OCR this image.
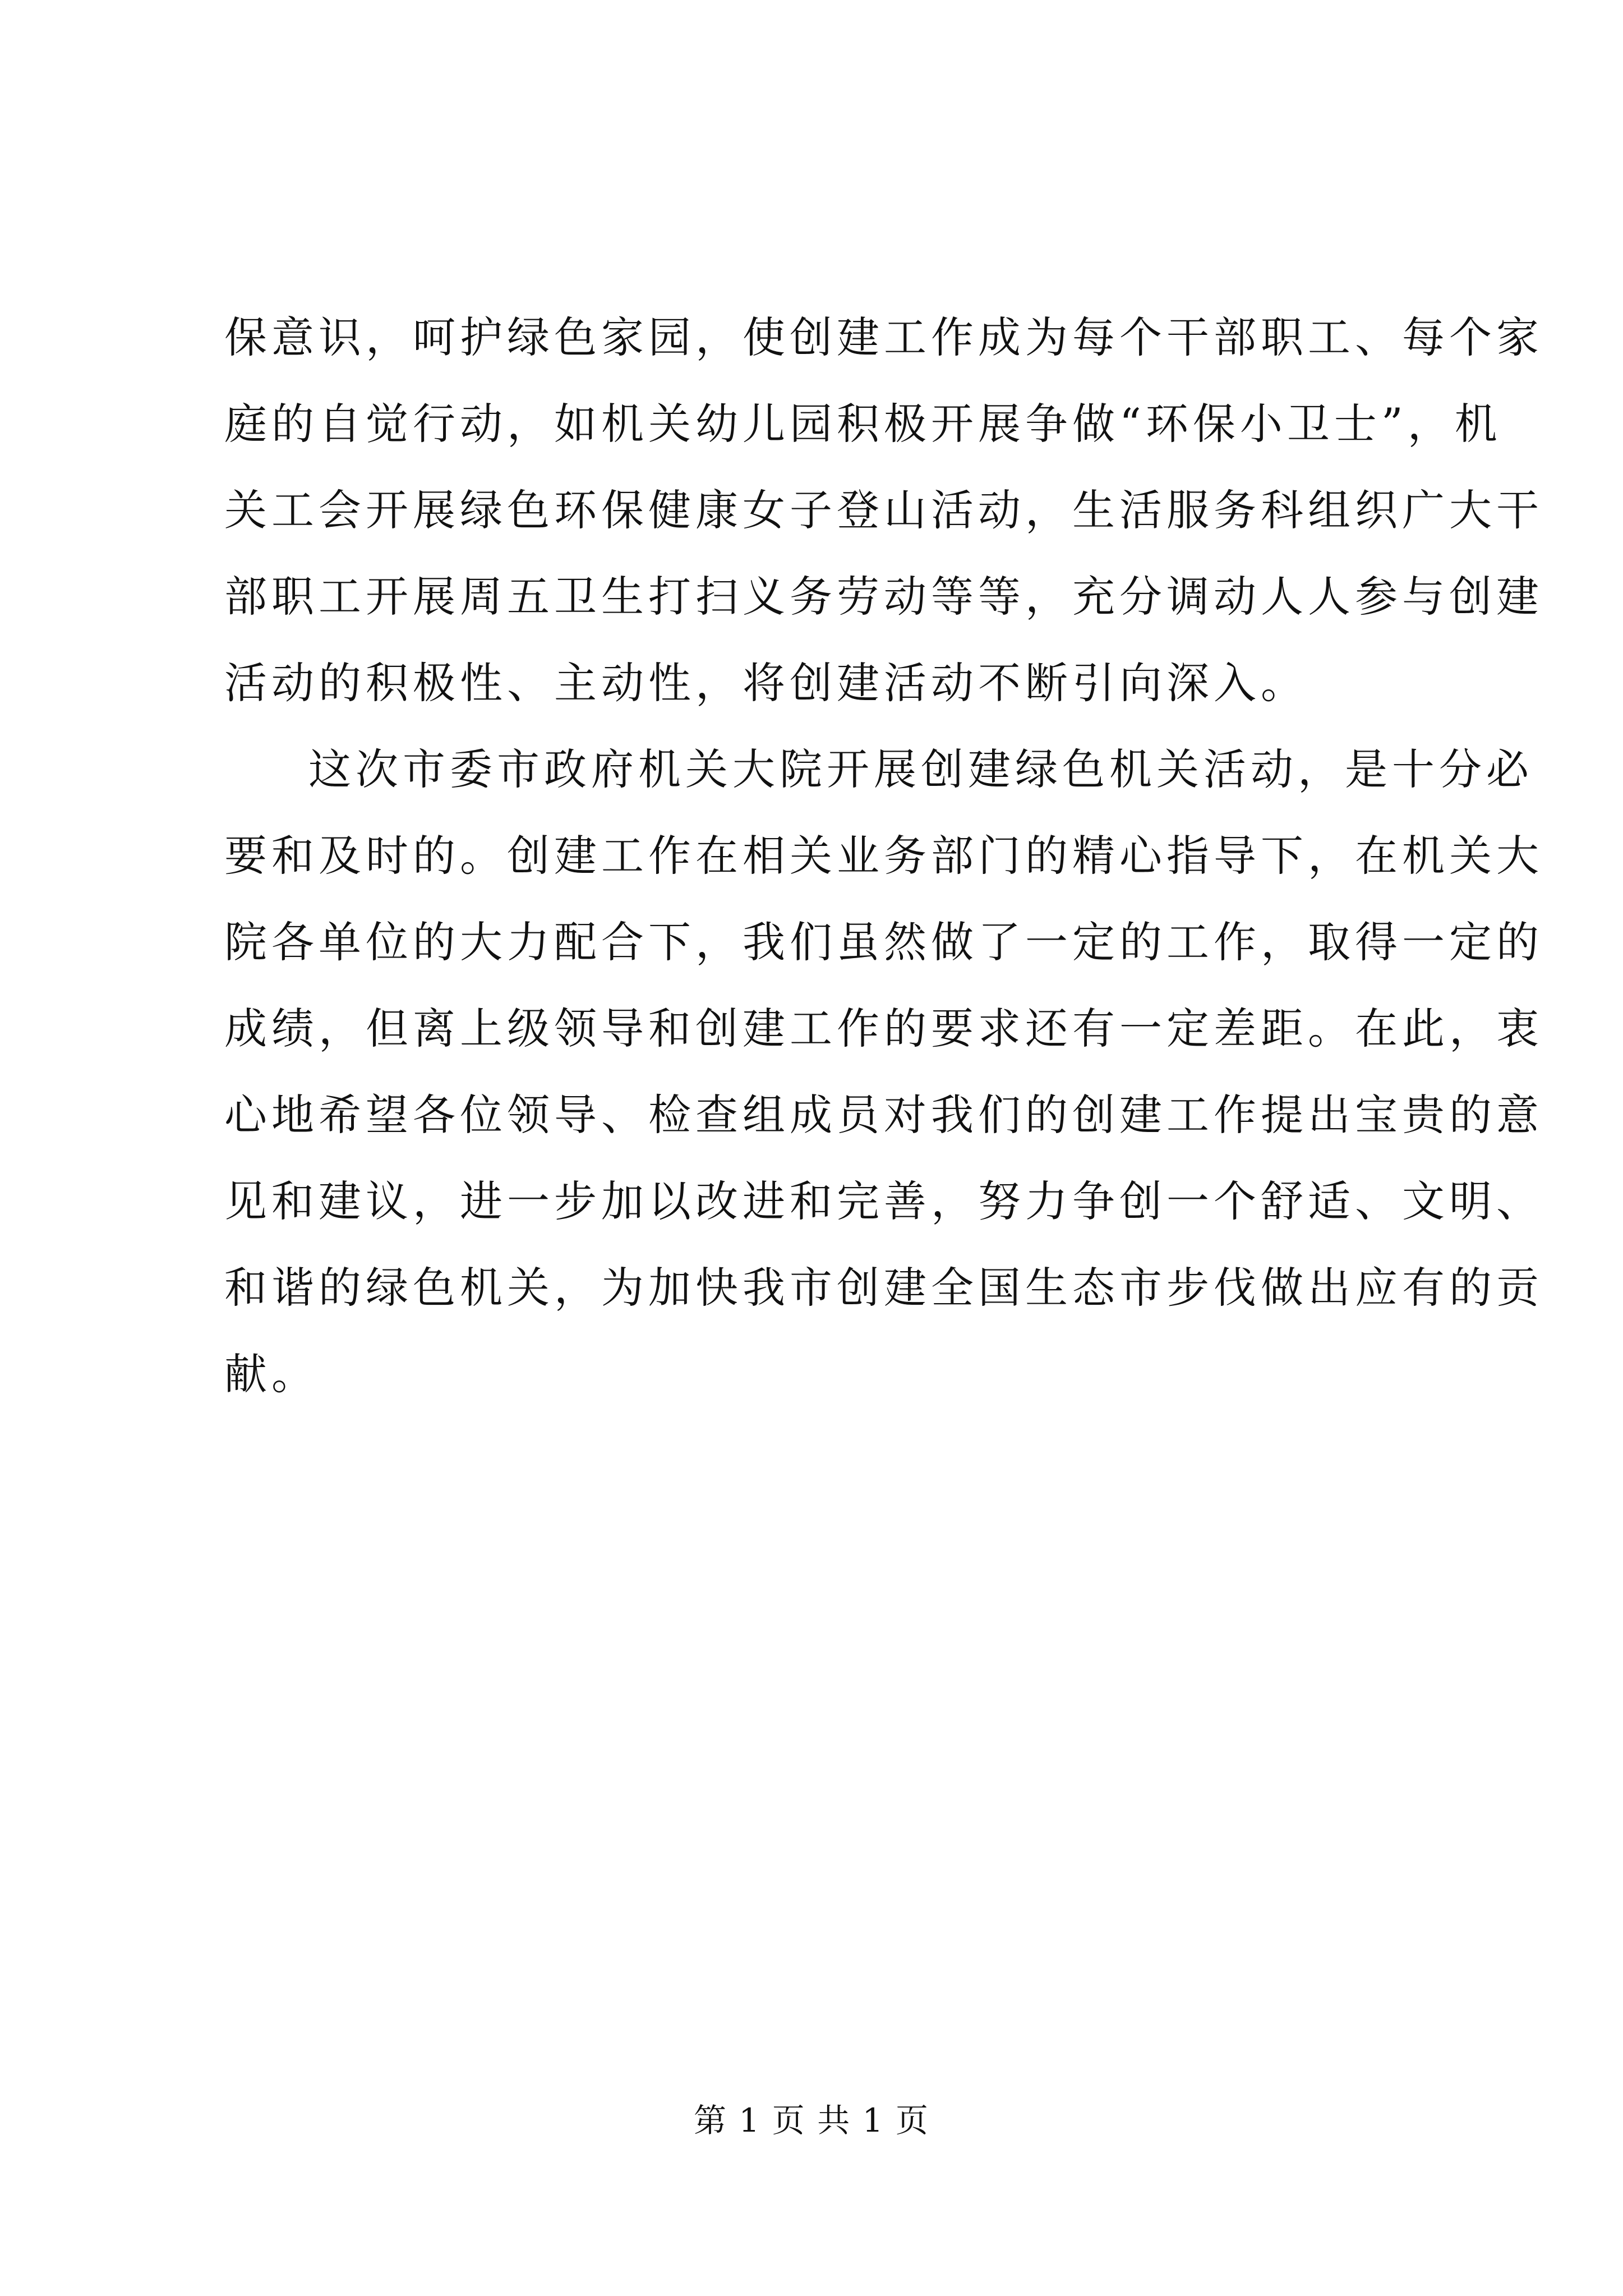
保意识，呵护绿色家园，使创建工作成为每个干部职工、每个家
庭的自觉行动，如机关幼儿园积极开展争做“环保小卫士”，机
关工会开展绿色环保健康女子登山活动，生活服务科组织广大干
部职工开展周五卫生打扫义务劳动等等，充分调动人人参与创建
活动的积极性、主动性，将创建活动不断引向深入。
这次市委市政府机关大院开展创建绿色机关活动，是十分必
要和及时的。创建工作在相关业务部门的精心指导下，在机关大
院各单位的大力配合下，我们虽然做了一定的工作，取得一定的
成绩，但离上级领导和创建工作的要求还有一定差距。在此，衷
心地希望各位领导、检查组成员对我们的创建工作提出宝贵的意
见和建议，进一步加以改进和完善，努力争创一个舒适、文明、
和谐的绿色机关，为加快我市创建全国生态市步伐做出应有的贡
献。
第 1 页 共 1 页
